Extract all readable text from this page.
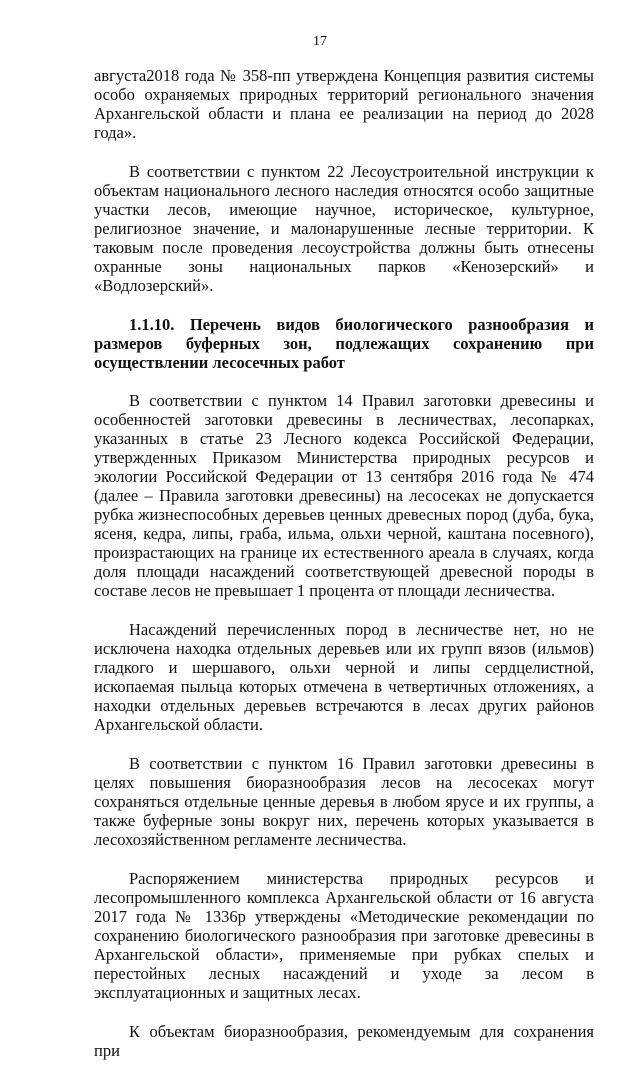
17

августа2018 года № 358-пп утверждена Концепция развития системы особо охраняемых природных территорий регионального значения Архангельской области и плана ее реализации на период до 2028 года».

В соответствии с пунктом 22 Лесоустроительной инструкции к объектам национального лесного наследия относятся особо защитные участки лесов, имеющие научное, историческое, культурное, религиозное значение, и малонарушенные лесные территории. К таковым после проведения лесоустройства должны быть отнесены охранные зоны национальных парков «Кенозерский» и «Водлозерский».

1.1.10. Перечень видов биологического разнообразия и размеров буферных зон, подлежащих сохранению при осуществлении лесосечных работ

В соответствии с пунктом 14 Правил заготовки древесины и особенностей заготовки древесины в лесничествах, лесопарках, указанных в статье 23 Лесного кодекса Российской Федерации, утвержденных Приказом Министерства природных ресурсов и экологии Российской Федерации от 13 сентября 2016 года № 474 (далее – Правила заготовки древесины) на лесосеках не допускается рубка жизнеспособных деревьев ценных древесных пород (дуба, бука, ясеня, кедра, липы, граба, ильма, ольхи черной, каштана посевного), произрастающих на границе их естественного ареала в случаях, когда доля площади насаждений соответствующей древесной породы в составе лесов не превышает 1 процента от площади лесничества.

Насаждений перечисленных пород в лесничестве нет, но не исключена находка отдельных деревьев или их групп вязов (ильмов) гладкого и шершавого, ольхи черной и липы сердцелистной, ископаемая пыльца которых отмечена в четвертичных отложениях, а находки отдельных деревьев встречаются в лесах других районов Архангельской области.

В соответствии с пунктом 16 Правил заготовки древесины в целях повышения биоразнообразия лесов на лесосеках могут сохраняться отдельные ценные деревья в любом ярусе и их группы, а также буферные зоны вокруг них, перечень которых указывается в лесохозяйственном регламенте лесничества.

Распоряжением министерства природных ресурсов и лесопромышленного комплекса Архангельской области от 16 августа 2017 года № 1336р утверждены «Методические рекомендации по сохранению биологического разнообразия при заготовке древесины в Архангельской области», применяемые при рубках спелых и перестойных лесных насаждений и уходе за лесом в эксплуатационных и защитных лесах.

К объектам биоразнообразия, рекомендуемым для сохранения при
